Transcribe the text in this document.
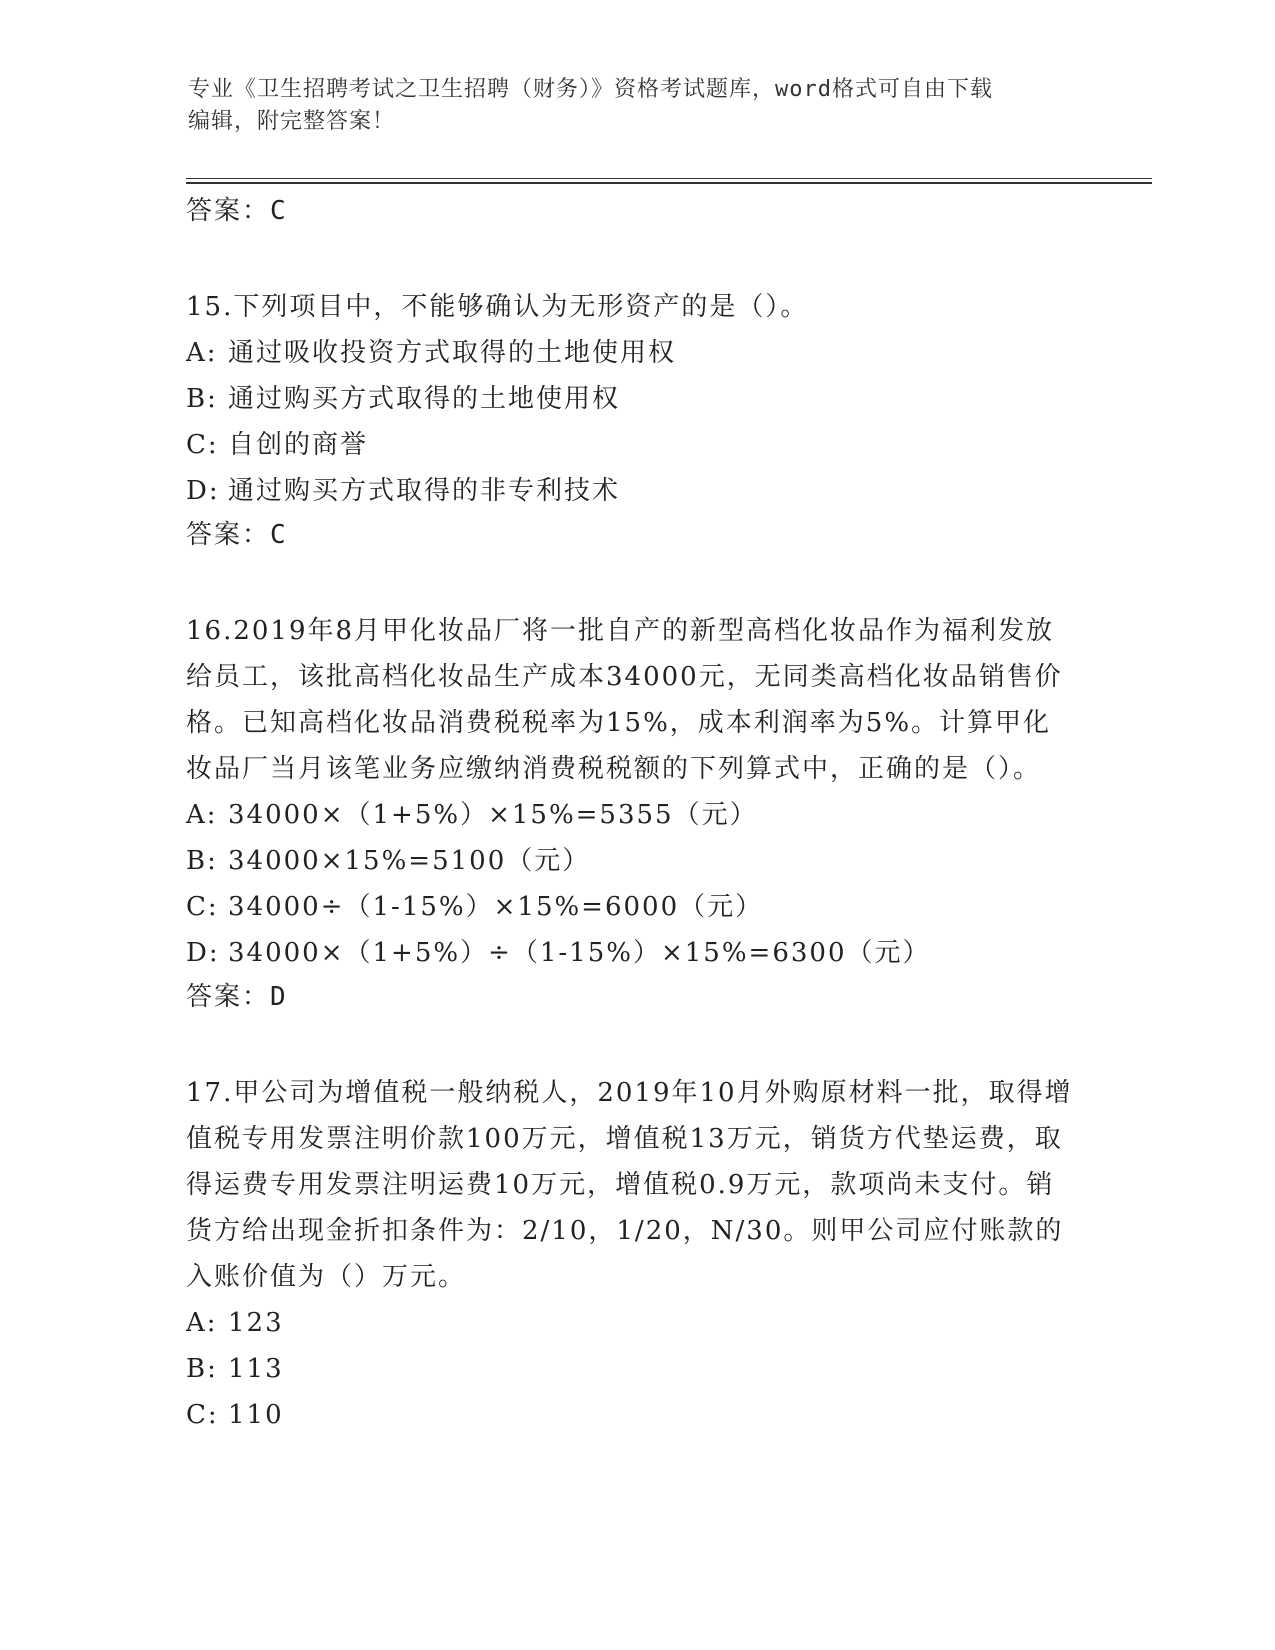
专业《卫生招聘考试之卫生招聘（财务）》资格考试题库，word格式可自由下载
编辑，附完整答案！
答案：C

15.下列项目中，不能够确认为无形资产的是（）。

A: 通过吸收投资方式取得的土地使用权
B: 通过购买方式取得的土地使用权
C: 自创的商誉
D: 通过购买方式取得的非专利技术
答案：C

16.2019年8月甲化妆品厂将一批自产的新型高档化妆品作为福利发放给员工，该批高档化妆品生产成本34000元，无同类高档化妆品销售价格。已知高档化妆品消费税税率为15%，成本利润率为5%。计算甲化妆品厂当月该笔业务应缴纳消费税税额的下列算式中，正确的是（）。

A: 34000×（1+5%）×15%=5355（元）
B: 34000×15%=5100（元）
C: 34000÷（1-15%）×15%=6000（元）
D: 34000×（1+5%）÷（1-15%）×15%=6300（元）
答案：D

17.甲公司为增值税一般纳税人，2019年10月外购原材料一批，取得增值税专用发票注明价款100万元，增值税13万元，销货方代垫运费，取得运费专用发票注明运费10万元，增值税0.9万元，款项尚未支付。销货方给出现金折扣条件为：2/10，1/20，N/30。则甲公司应付账款的入账价值为（）万元。

A: 123
B: 113
C: 110
